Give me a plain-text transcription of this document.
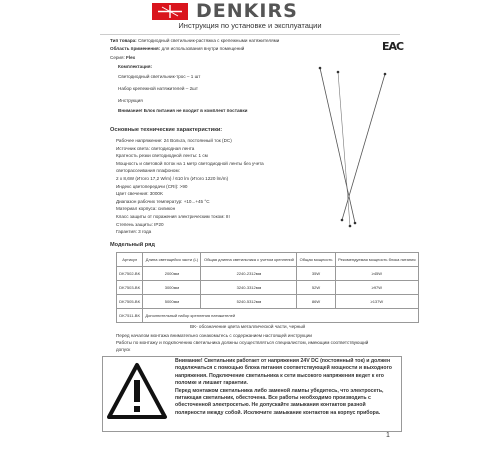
DENKIRS
Инструкция по установке и эксплуатации
EAC
Тип товара: Светодиодный светильник-растяжка с крепежными натяжителями
Область применения: для использования внутри помещений
Серия: Flex
Комплектация:
Светодиодный светильник-трос – 1 шт
Набор крепежной натяжителей – 2шт
Инструкция
Внимание! Блок питания не входит в комплект поставки
Основные технические характеристики:
Рабочее напряжение: 24 Вольта, постоянный ток (DC)
Источник света: светодиодная лента
Кратность резки светодиодной ленты: 1 см
Мощность и световой поток на 1 метр светодиодной ленты без учета
светорассеивания плафоном:
2 x 8,6W (Итого 17,2 W/m) / 610 lm (Итого 1220 lm/m)
Индекс цветопередачи (CRI): >90
Цвет свечения: 3000K
Диапазон рабочих температур: +10...+45 °C
Материал корпуса: силикон
Класс защиты от поражения электрическим током: III
Степень защиты: IP20
Гарантия: 3 года
Модельный ряд
Артикул	Длина светящейся части (L)	Общая длинна светильника с учетом креплений	Общая мощность	Рекомендуемая мощность блока питания
DK7502-BK	2000мм	2240-2312мм	35W	≥45W
DK7503-BK	3000мм	3240-3312мм	52W	≥97W
DK7505-BK	5000мм	5240-5312мм	86W	≥137W
DK7511-BK	Дополнительный набор крепления натяжителей			
BK- обозначение цвета металлической части, черный
Перед началом монтажа внимательно ознакомьтесь с содержанием настоящей инструкции
Работы по монтажу и подключению светильника должны осуществляться специалистом, имеющим соответствующий
допуск
Внимание! Светильник работает от напряжения 24V DC (постоянный ток) и должен
подключаться с помощью блока питания соответствующей мощности и выходного
напряжения. Подключение светильника к сети высокого напряжения ведет к его
поломке и лишает гарантии.
Перед монтажом светильника либо заменой лампы убедитесь, что электросеть,
питающая светильник, обесточена. Все работы необходимо производить с
обесточенной электросетью. Не допускайте замыкания контактов разной
полярности между собой. Исключите замыкание контактов на корпус прибора.
1
